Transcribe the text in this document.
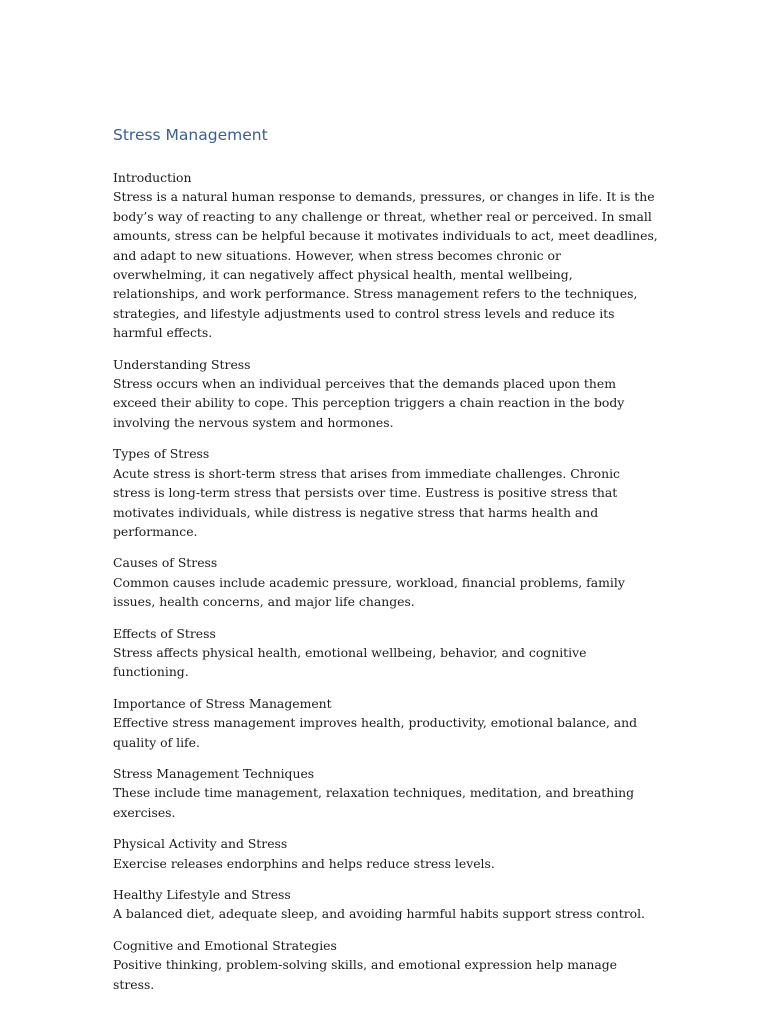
Stress Management

Introduction

Stress is a natural human response to demands, pressures, or changes in life. It is the body’s way of reacting to any challenge or threat, whether real or perceived. In small amounts, stress can be helpful because it motivates individuals to act, meet deadlines, and adapt to new situations. However, when stress becomes chronic or overwhelming, it can negatively affect physical health, mental wellbeing, relationships, and work performance. Stress management refers to the techniques, strategies, and lifestyle adjustments used to control stress levels and reduce its harmful effects.

Understanding Stress

Stress occurs when an individual perceives that the demands placed upon them exceed their ability to cope. This perception triggers a chain reaction in the body involving the nervous system and hormones.

Types of Stress

Acute stress is short-term stress that arises from immediate challenges. Chronic stress is long-term stress that persists over time. Eustress is positive stress that motivates individuals, while distress is negative stress that harms health and performance.

Causes of Stress

Common causes include academic pressure, workload, financial problems, family issues, health concerns, and major life changes.

Effects of Stress

Stress affects physical health, emotional wellbeing, behavior, and cognitive functioning.

Importance of Stress Management

Effective stress management improves health, productivity, emotional balance, and quality of life.

Stress Management Techniques

These include time management, relaxation techniques, meditation, and breathing exercises.

Physical Activity and Stress

Exercise releases endorphins and helps reduce stress levels.

Healthy Lifestyle and Stress

A balanced diet, adequate sleep, and avoiding harmful habits support stress control.

Cognitive and Emotional Strategies

Positive thinking, problem-solving skills, and emotional expression help manage stress.
